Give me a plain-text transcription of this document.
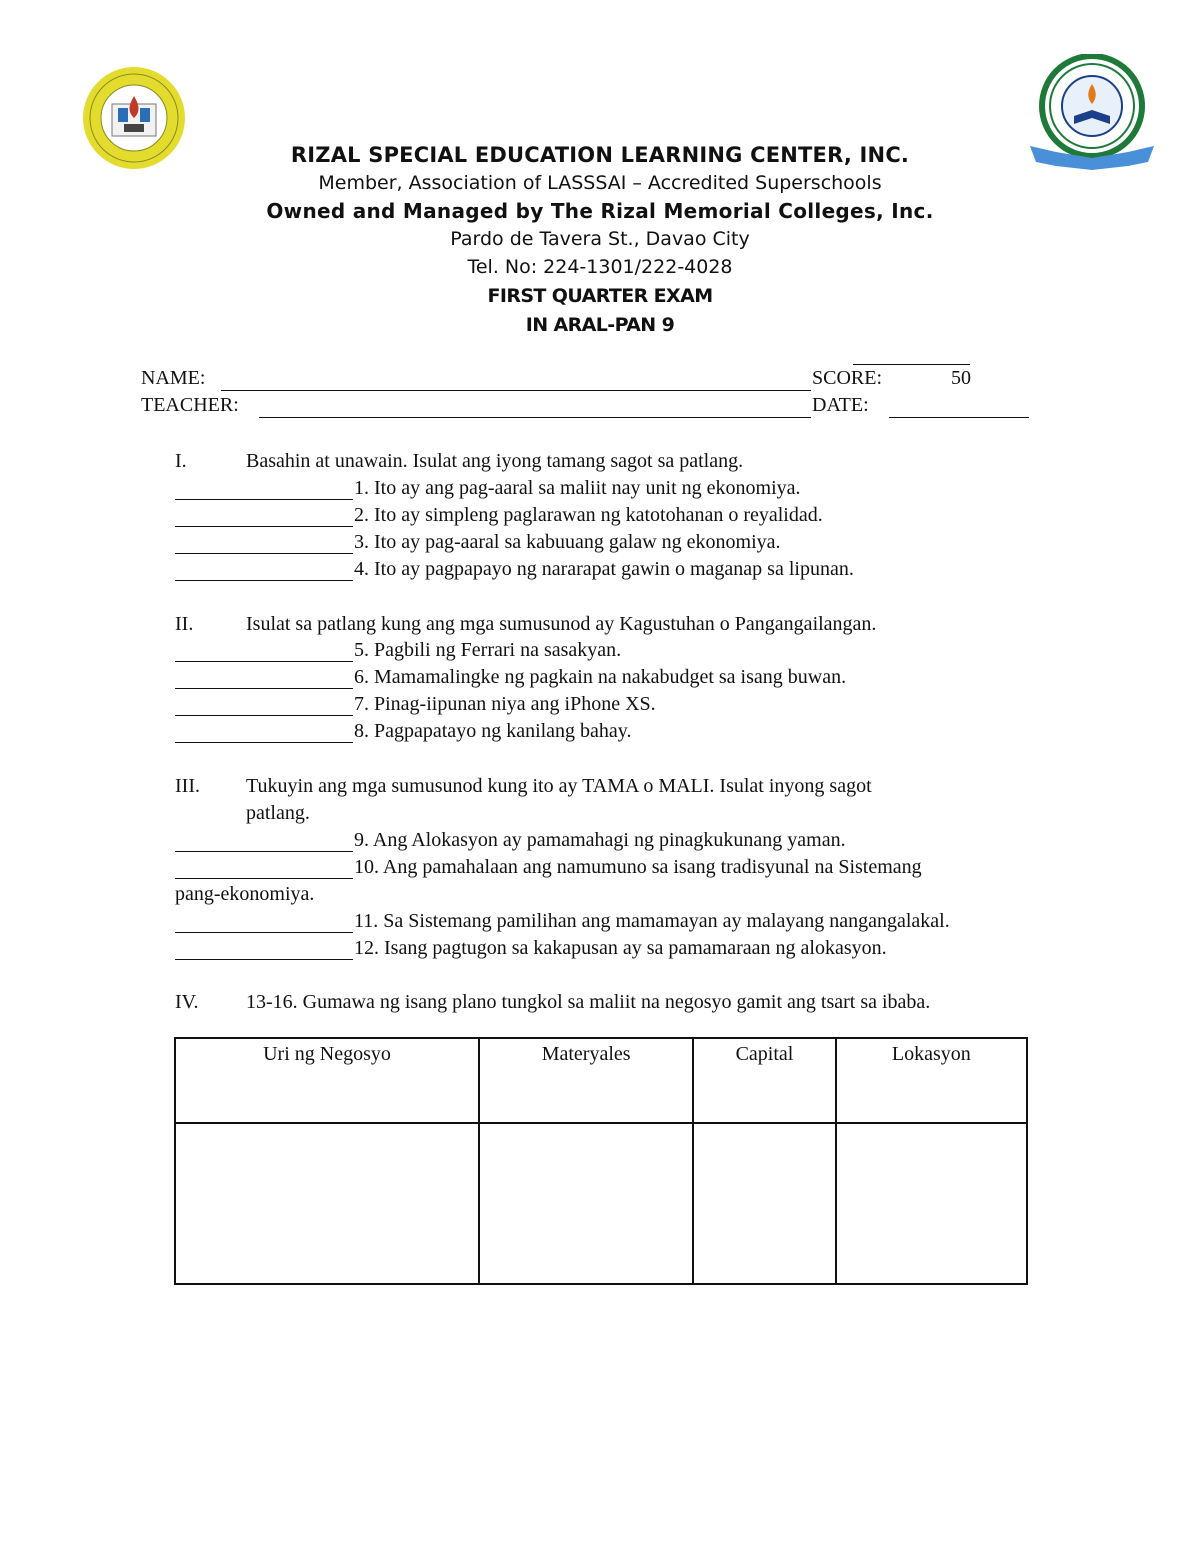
RIZAL SPECIAL EDUCATION LEARNING CENTER, INC.
Member, Association of LASSSAI – Accredited Superschools
Owned and Managed by The Rizal Memorial Colleges, Inc.
Pardo de Tavera St., Davao City
Tel. No: 224-1301/222-4028
FIRST QUARTER EXAM
IN ARAL-PAN 9
NAME:	SCORE:	50
TEACHER:	DATE:
I.	Basahin at unawain. Isulat ang iyong tamang sagot sa patlang.
1. Ito ay ang pag-aaral sa maliit nay unit ng ekonomiya.
2. Ito ay simpleng paglarawan ng katotohanan o reyalidad.
3. Ito ay pag-aaral sa kabuuang galaw ng ekonomiya.
4. Ito ay pagpapayo ng nararapat gawin o maganap sa lipunan.
II.	Isulat sa patlang kung ang mga sumusunod ay Kagustuhan o Pangangailangan.
5. Pagbili ng Ferrari na sasakyan.
6. Mamamalingke ng pagkain na nakabudget sa isang buwan.
7. Pinag-iipunan niya ang iPhone XS.
8. Pagpapatayo ng kanilang bahay.
III. Tukuyin ang mga sumusunod kung ito ay TAMA o MALI. Isulat inyong sagot
patlang.
9. Ang Alokasyon ay pamamahagi ng pinagkukunang yaman.
10. Ang pamahalaan ang namumuno sa isang tradisyunal na Sistemang
pang-ekonomiya.
11. Sa Sistemang pamilihan ang mamamayan ay malayang nangangalakal.
12. Isang pagtugon sa kakapusan ay sa pamamaraan ng alokasyon.
IV. 13-16. Gumawa ng isang plano tungkol sa maliit na negosyo gamit ang tsart sa ibaba.
Uri ng Negosyo	Materyales	Capital	Lokasyon
